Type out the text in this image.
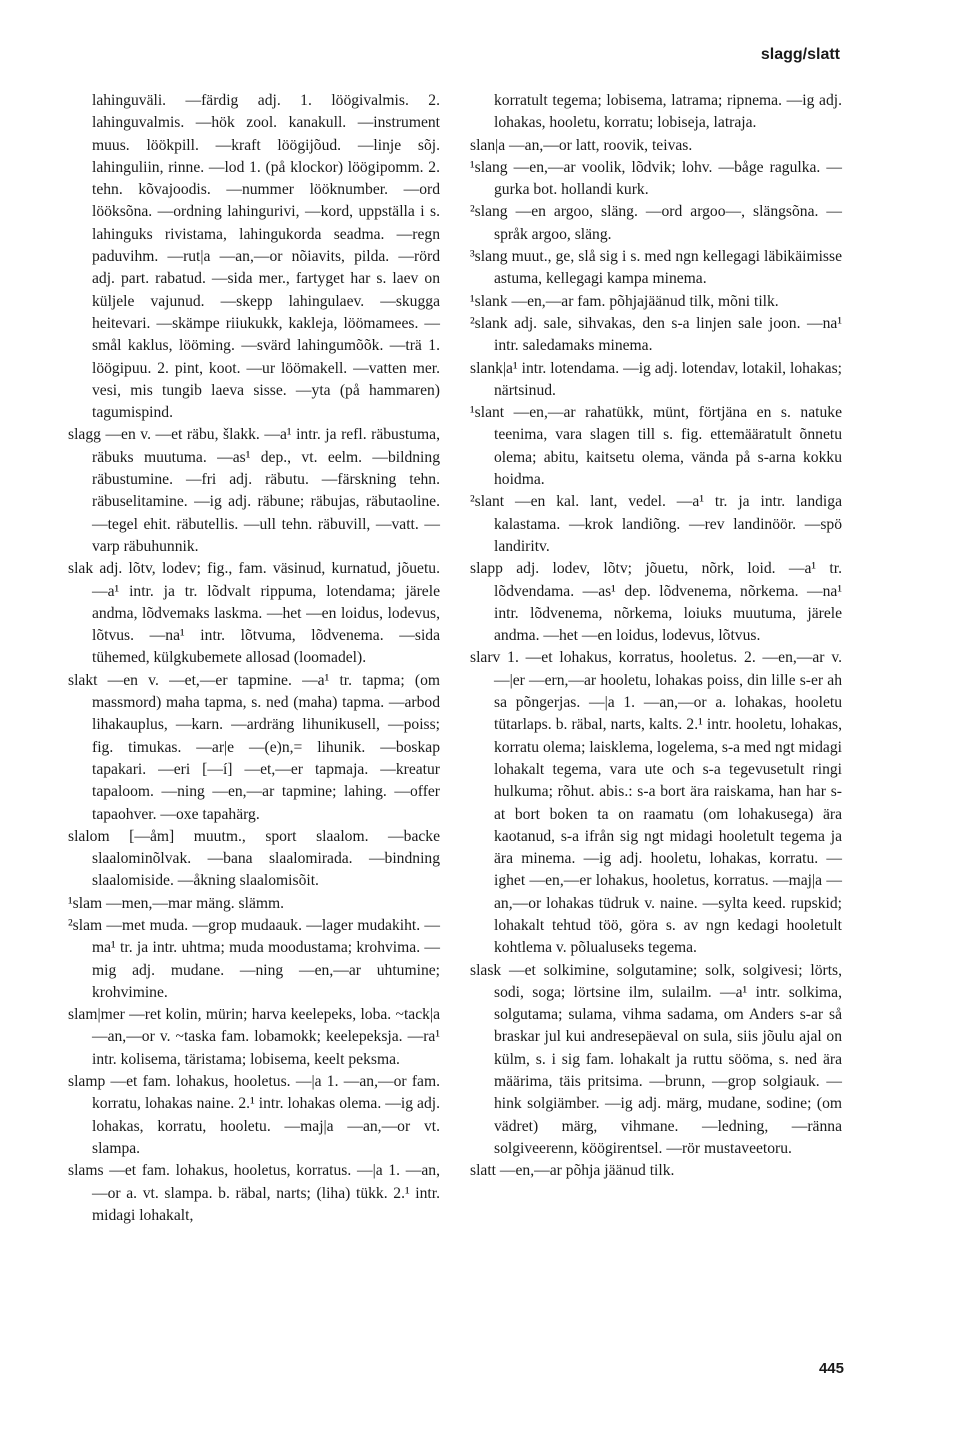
slagg/slatt

lahinguväli. —färdig adj. 1. löögivalmis. 2. lahinguvalmis. —hök zool. kanakull. —instrument muus. löökpill. —kraft löögijõud. —linje sõj. lahinguliin, rinne. —lod 1. (på klockor) löögipomm. 2. tehn. kõvajoodis. —nummer lööknumber. —ord lööksõna. —ordning lahingurivi, —kord, uppställa i s. lahinguks rivistama, lahingukorda seadma. —regn paduvihm. —rut|a —an,—or nõiavits, pilda. —rörd adj. part. rabatud. —sida mer., fartyget har s. laev on küljele vajunud. —skepp lahingulaev. —skugga heitevari. —skämpe riiukukk, kakleja, löömamees. —smål kaklus, lööming. —svärd lahingumõõk. —trä 1. löögipuu. 2. pint, koot. —ur löömakell. —vatten mer. vesi, mis tungib laeva sisse. —yta (på hammaren) tagumispind.

slagg —en v. —et räbu, šlakk. —a¹ intr. ja refl. räbustuma, räbuks muutuma. —as¹ dep., vt. eelm. —bildning räbustumine. —fri adj. räbutu. —färskning tehn. räbuselitamine. —ig adj. räbune; räbujas, räbutaoline. —tegel ehit. räbutellis. —ull tehn. räbuvill, —vatt. —varp räbuhunnik.

slak adj. lõtv, lodev; fig., fam. väsinud, kurnatud, jõuetu. —a¹ intr. ja tr. lõdvalt rippuma, lotendama; järele andma, lõdvemaks laskma. —het —en loidus, lodevus, lõtvus. —na¹ intr. lõtvuma, lõdvenema. —sida tühemed, külgkubemete allosad (loomadel).

slakt —en v. —et,—er tapmine. —a¹ tr. tapma; (om massmord) maha tapma, s. ned (maha) tapma. —arbod lihakauplus, —karn. —ardräng lihunikusell, —poiss; fig. timukas. —ar|e —(e)n,= lihunik. —boskap tapakari. —eri [—í] —et,—er tapmaja. —kreatur tapaloom. —ning —en,—ar tapmine; lahing. —offer tapaohver. —oxe tapahärg.

slalom [—åm] muutm., sport slaalom. —backe slaalominõlvak. —bana slaalomirada. —bindning slaalomiside. —åkning slaalomisõit.

¹slam —men,—mar mäng. slämm.

²slam —met muda. —grop mudaauk. —lager mudakiht. —ma¹ tr. ja intr. uhtma; muda moodustama; krohvima. —mig adj. mudane. —ning —en,—ar uhtumine; krohvimine.

slam|mer —ret kolin, mürin; harva keelepeks, loba. ~tack|a —an,—or v. ~taska fam. lobamokk; keelepeksja. —ra¹ intr. kolisema, täristama; lobisema, keelt peksma.

slamp —et fam. lohakus, hooletus. —|a 1. —an,—or fam. korratu, lohakas naine. 2.¹ intr. lohakas olema. —ig adj. lohakas, korratu, hooletu. —maj|a —an,—or vt. slampa.

slams —et fam. lohakus, hooletus, korratus. —|a 1. —an,—or a. vt. slampa. b. räbal, narts; (liha) tükk. 2.¹ intr. midagi lohakalt,

korratult tegema; lobisema, latrama; ripnema. —ig adj. lohakas, hooletu, korratu; lobiseja, latraja.

slan|a —an,—or latt, roovik, teivas.

¹slang —en,—ar voolik, lõdvik; lohv. —båge ragulka. —gurka bot. hollandi kurk.

²slang —en argoo, släng. —ord argoo—, slängsõna. —språk argoo, släng.

³slang muut., ge, slå sig i s. med ngn kellegagi läbikäimisse astuma, kellegagi kampa minema.

¹slank —en,—ar fam. põhjajäänud tilk, mõni tilk.

²slank adj. sale, sihvakas, den s-a linjen sale joon. —na¹ intr. saledamaks minema.

slank|a¹ intr. lotendama. —ig adj. lotendav, lotakil, lohakas; närtsinud.

¹slant —en,—ar rahatükk, münt, förtjäna en s. natuke teenima, vara slagen till s. fig. ettemääratult õnnetu olema; abitu, kaitsetu olema, vända på s-arna kokku hoidma.

²slant —en kal. lant, vedel. —a¹ tr. ja intr. landiga kalastama. —krok landiõng. —rev landinöör. —spö landiritv.

slapp adj. lodev, lõtv; jõuetu, nõrk, loid. —a¹ tr. lõdvendama. —as¹ dep. lõdvenema, nõrkema. —na¹ intr. lõdvenema, nõrkema, loiuks muutuma, järele andma. —het —en loidus, lodevus, lõtvus.

slarv 1. —et lohakus, korratus, hooletus. 2. —en,—ar v. —|er —ern,—ar hooletu, lohakas poiss, din lille s-er ah sa põngerjas. —|a 1. —an,—or a. lohakas, hooletu tütarlaps. b. räbal, narts, kalts. 2.¹ intr. hooletu, lohakas, korratu olema; laisklema, logelema, s-a med ngt midagi lohakalt tegema, vara ute och s-a tegevusetult ringi hulkuma; rõhut. abis.: s-a bort ära raiskama, han har s-at bort boken ta on raamatu (om lohakusega) ära kaotanud, s-a ifrån sig ngt midagi hooletult tegema ja ära minema. —ig adj. hooletu, lohakas, korratu. —ighet —en,—er lohakus, hooletus, korratus. —maj|a —an,—or lohakas tüdruk v. naine. —sylta keed. rupskid; lohakalt tehtud töö, göra s. av ngn kedagi hooletult kohtlema v. põlualuseks tegema.

slask —et solkimine, solgutamine; solk, solgivesi; lörts, sodi, soga; lörtsine ilm, sulailm. —a¹ intr. solkima, solgutama; sulama, vihma sadama, om Anders s-ar så braskar jul kui andresepäeval on sula, siis jõulu ajal on külm, s. i sig fam. lohakalt ja ruttu sööma, s. ned ära määrima, täis pritsima. —brunn, —grop solgiauk. —hink solgiämber. —ig adj. märg, mudane, sodine; (om vädret) märg, vihmane. —ledning, —ränna solgiveerenn, köögirentsel. —rör mustaveetoru.

slatt —en,—ar põhja jäänud tilk.

445
